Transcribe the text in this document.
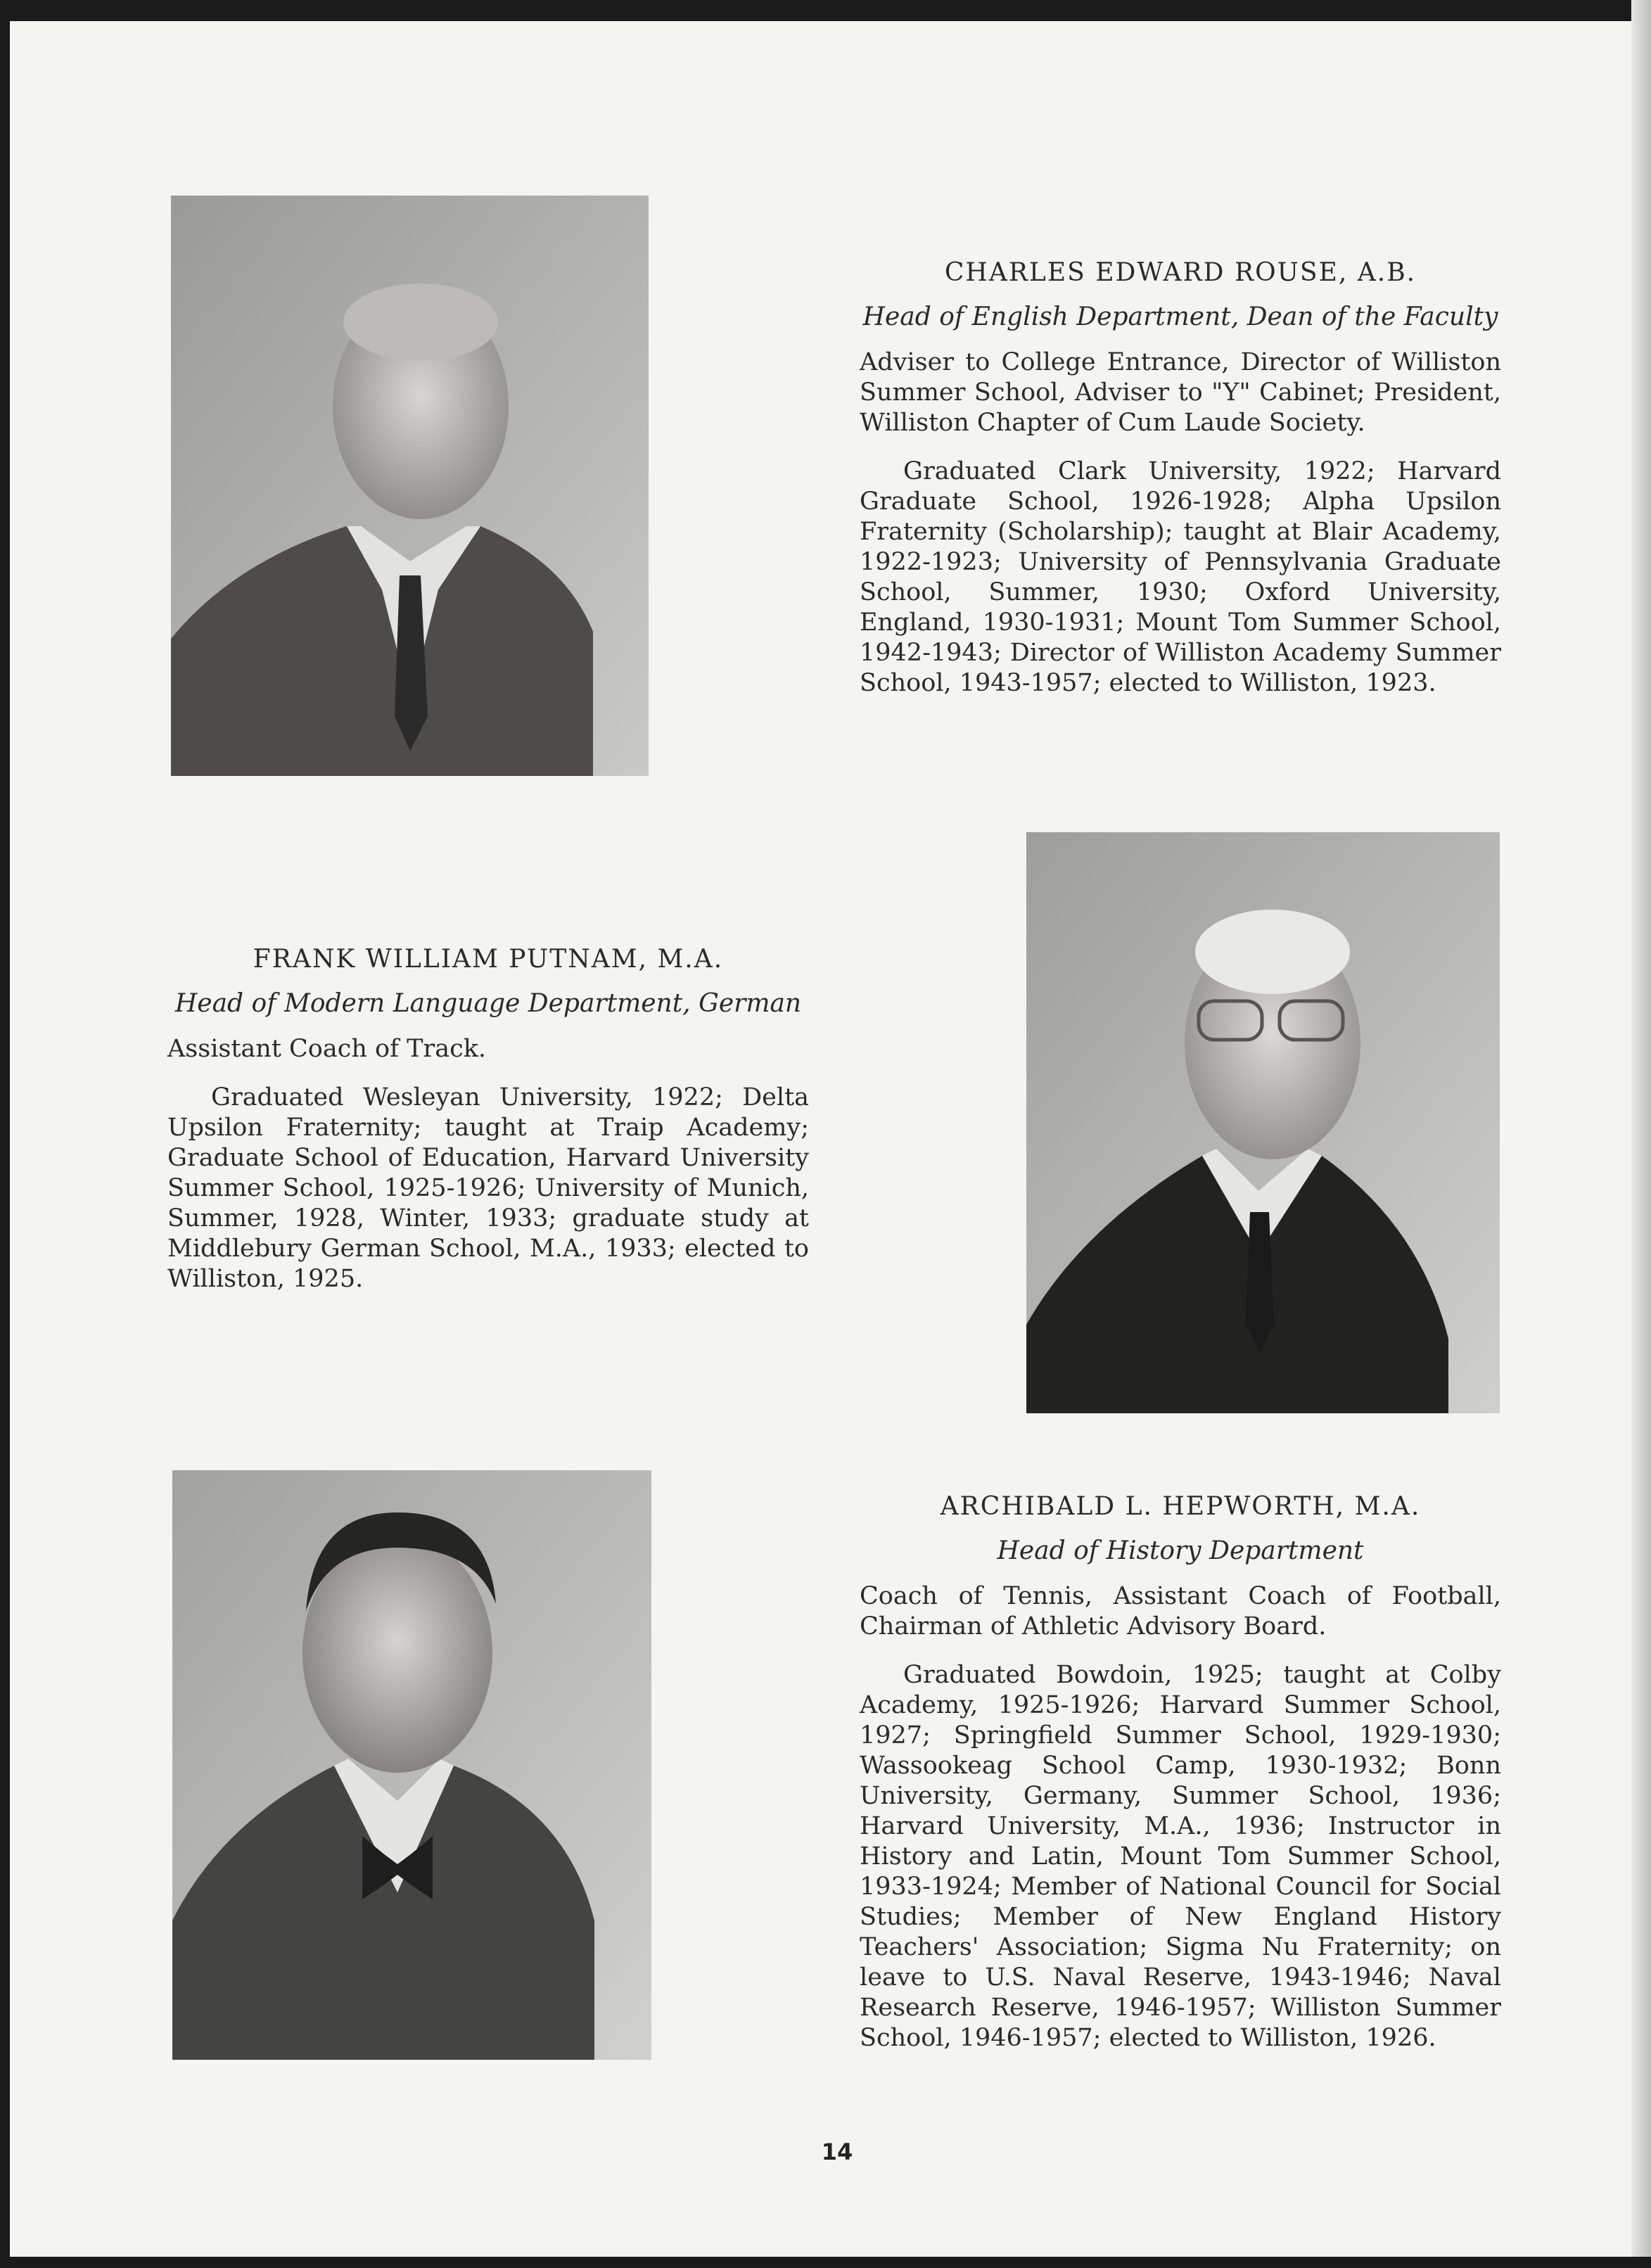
CHARLES EDWARD ROUSE, A.B.
Head of English Department, Dean of the Faculty

Adviser to College Entrance, Director of Williston Summer School, Adviser to "Y" Cabinet; President, Williston Chapter of Cum Laude Society.

Graduated Clark University, 1922; Harvard Graduate School, 1926-1928; Alpha Upsilon Fraternity (Scholarship); taught at Blair Academy, 1922-1923; University of Pennsylvania Graduate School, Summer, 1930; Oxford University, England, 1930-1931; Mount Tom Summer School, 1942-1943; Director of Williston Academy Summer School, 1943-1957; elected to Williston, 1923.

FRANK WILLIAM PUTNAM, M.A.
Head of Modern Language Department, German

Assistant Coach of Track.

Graduated Wesleyan University, 1922; Delta Upsilon Fraternity; taught at Traip Academy; Graduate School of Education, Harvard University Summer School, 1925-1926; University of Munich, Summer, 1928, Winter, 1933; graduate study at Middlebury German School, M.A., 1933; elected to Williston, 1925.

ARCHIBALD L. HEPWORTH, M.A.
Head of History Department

Coach of Tennis, Assistant Coach of Football, Chairman of Athletic Advisory Board.

Graduated Bowdoin, 1925; taught at Colby Academy, 1925-1926; Harvard Summer School, 1927; Springfield Summer School, 1929-1930; Wassookeag School Camp, 1930-1932; Bonn University, Germany, Summer School, 1936; Harvard University, M.A., 1936; Instructor in History and Latin, Mount Tom Summer School, 1933-1924; Member of National Council for Social Studies; Member of New England History Teachers' Association; Sigma Nu Fraternity; on leave to U.S. Naval Reserve, 1943-1946; Naval Research Reserve, 1946-1957; Williston Summer School, 1946-1957; elected to Williston, 1926.

14
